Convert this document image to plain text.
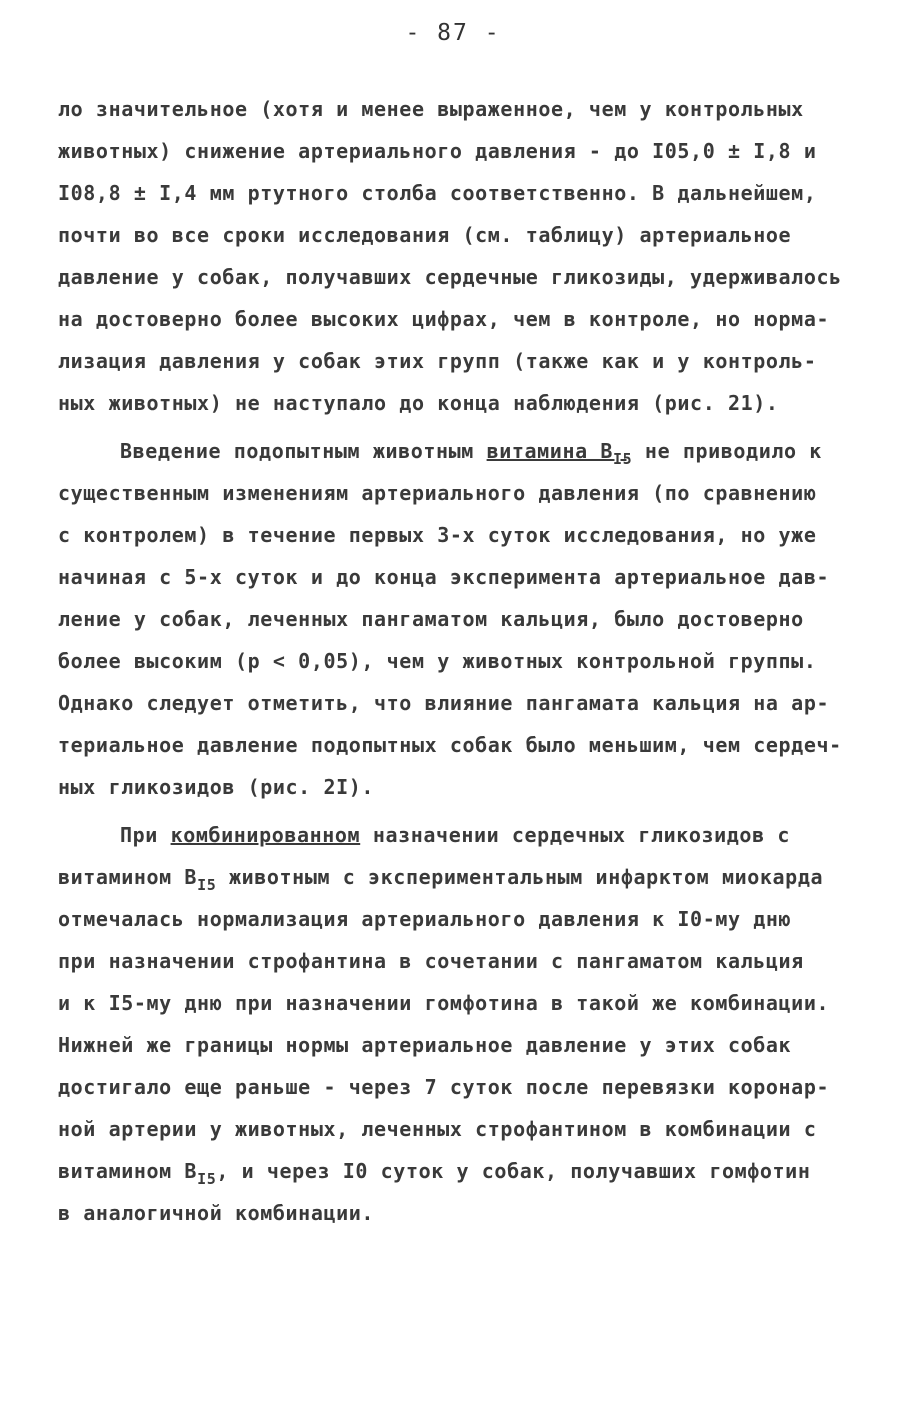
- 87 -
ло значительное (хотя и менее выраженное, чем у контрольных
животных) снижение артериального давления - до I05,0 ± I,8 и
I08,8 ± I,4 мм ртутного столба соответственно. В дальнейшем,
почти во все сроки исследования (см. таблицу) артериальное
давление у собак, получавших сердечные гликозиды, удерживалось
на достоверно более высоких цифрах, чем в контроле, но норма-
лизация давления у собак этих групп (также как и у контроль-
ных животных) не наступало до конца наблюдения (рис. 21).
Введение подопытным животным витамина $B_{I5}$ не приводило к
существенным изменениям артериального давления (по сравнению
с контролем) в течение первых 3-х суток исследования, но уже
начиная с 5-х суток и до конца эксперимента артериальное дав-
ление у собак, леченных пангаматом кальция, было достоверно
более высоким (р < 0,05), чем у животных контрольной группы.
Однако следует отметить, что влияние пангамата кальция на ар-
териальное давление подопытных собак было меньшим, чем сердеч-
ных гликозидов (рис. 2I).
При комбинированном назначении сердечных гликозидов с
витамином $B_{I5}$ животным с экспериментальным инфарктом миокарда
отмечалась нормализация артериального давления к I0-му дню
при назначении строфантина в сочетании с пангаматом кальция
и к I5-му дню при назначении гомфотина в такой же комбинации.
Нижней же границы нормы артериальное давление у этих собак
достигало еще раньше - через 7 суток после перевязки коронар-
ной артерии у животных, леченных строфантином в комбинации с
витамином $B_{I5}$, и через I0 суток у собак, получавших гомфотин
в аналогичной комбинации.
